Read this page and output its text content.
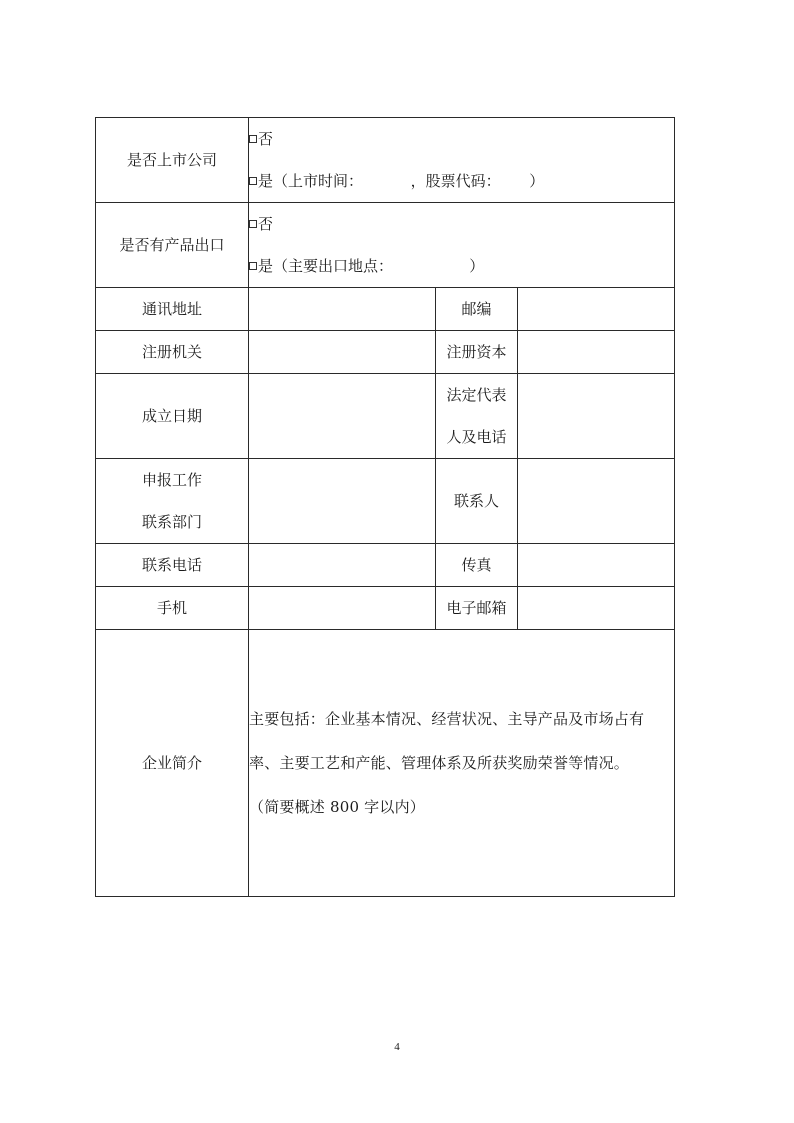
是否上市公司	否
是（上市时间：          ，股票代码：      ）		

是否有产品出口	否
是（主要出口地点：                ）		

通讯地址		邮编	
注册机关		注册资本	
成立日期		法定代表
人及电话	

申报工作
联系部门		联系人	
联系电话		传真	
手机		电子邮箱	
企业简介	主要包括：企业基本情况、经营状况、主导产品及市场占有
率、主要工艺和产能、管理体系及所获奖励荣誉等情况。
（简要概述 800 字以内）		
4
